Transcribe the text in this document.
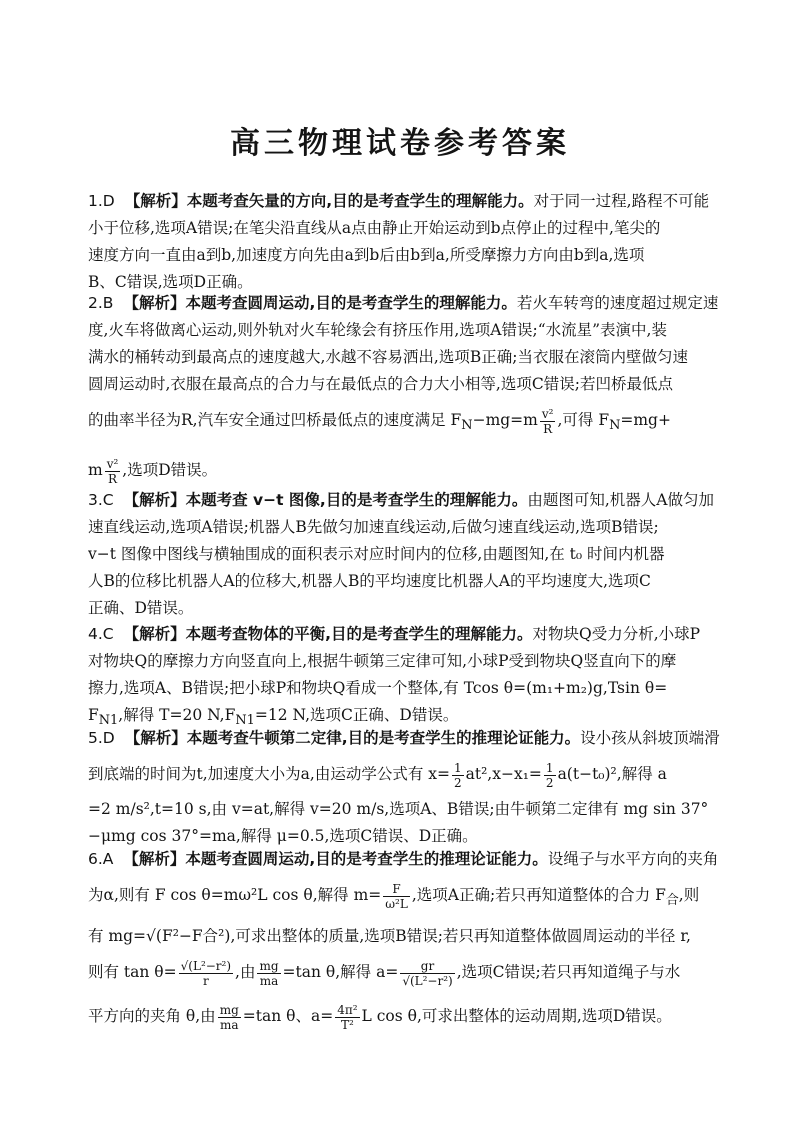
高三物理试卷参考答案
1.D 【解析】本题考查矢量的方向,目的是考查学生的理解能力。对于同一过程,路程不可能
小于位移,选项A错误;在笔尖沿直线从a点由静止开始运动到b点停止的过程中,笔尖的
速度方向一直由a到b,加速度方向先由a到b后由b到a,所受摩擦力方向由b到a,选项
B、C错误,选项D正确。
2.B 【解析】本题考查圆周运动,目的是考查学生的理解能力。若火车转弯的速度超过规定速
度,火车将做离心运动,则外轨对火车轮缘会有挤压作用,选项A错误;“水流星”表演中,装
满水的桶转动到最高点的速度越大,水越不容易洒出,选项B正确;当衣服在滚筒内壁做匀速
圆周运动时,衣服在最高点的合力与在最低点的合力大小相等,选项C错误;若凹桥最低点
的曲率半径为R,汽车安全通过凹桥最低点的速度满足 $F_N-mg=m \frac{\text{v²}}{R}$ ,可得 $F_N=mg+$
m $\frac{\text{v²}}{R}$ ,选项D错误。
3.C 【解析】本题考查 v−t 图像,目的是考查学生的理解能力。由题图可知,机器人A做匀加
速直线运动,选项A错误;机器人B先做匀加速直线运动,后做匀速直线运动,选项B错误;
v−t 图像中图线与横轴围成的面积表示对应时间内的位移,由题图知,在 t₀ 时间内机器
人B的位移比机器人A的位移大,机器人B的平均速度比机器人A的平均速度大,选项C
正确、D错误。
4.C 【解析】本题考查物体的平衡,目的是考查学生的理解能力。对物块Q受力分析,小球P
对物块Q的摩擦力方向竖直向上,根据牛顿第三定律可知,小球P受到物块Q竖直向下的摩
擦力,选项A、B错误;把小球P和物块Q看成一个整体,有 Tcos θ=(m₁+m₂)g,Tsin θ=
$F_{N1}$,解得 T=20 $N,F_{N1}=12$ N,选项C正确、D错误。
5.D 【解析】本题考查牛顿第二定律,目的是考查学生的推理论证能力。设小孩从斜坡顶端滑
到底端的时间为t,加速度大小为a,由运动学公式有 $x= \frac{1}{2} at^2,x-x_1= \frac{1}{2} a(t-t_0)^2$,解得 a
=2 m/s²,t=10 s,由 v=at,解得 v=20 m/s,选项A、B错误;由牛顿第二定律有 mg sin 37°
−μmg cos 37°=ma,解得 μ=0.5,选项C错误、D正确。
6.A 【解析】本题考查圆周运动,目的是考查学生的推理论证能力。设绳子与水平方向的夹角
为α,则有 F cos θ=mω²L cos θ,解得 $m= \frac{F}{\text{ω²L}}$ ,选项A正确;若只再知道整体的合力 $F_合$,则
有 mg=√(F²−F合²),可求出整体的质量,选项B错误;若只再知道整体做圆周运动的半径 r,
则有 $\tan \theta= \frac{\text{√(L²−r²)}}{r}$ ,由 $\frac{mg}{ma} =\tan$ θ,解得 $a= \frac{gr}{\text{√(L²−r²)}}$ ,选项C错误;若只再知道绳子与水
平方向的夹角 θ,由 $\frac{mg}{ma} =\tan$ θ、$a= \frac{\text{4π²}}{\text{T²}}$ L cos θ,可求出整体的运动周期,选项D错误。
